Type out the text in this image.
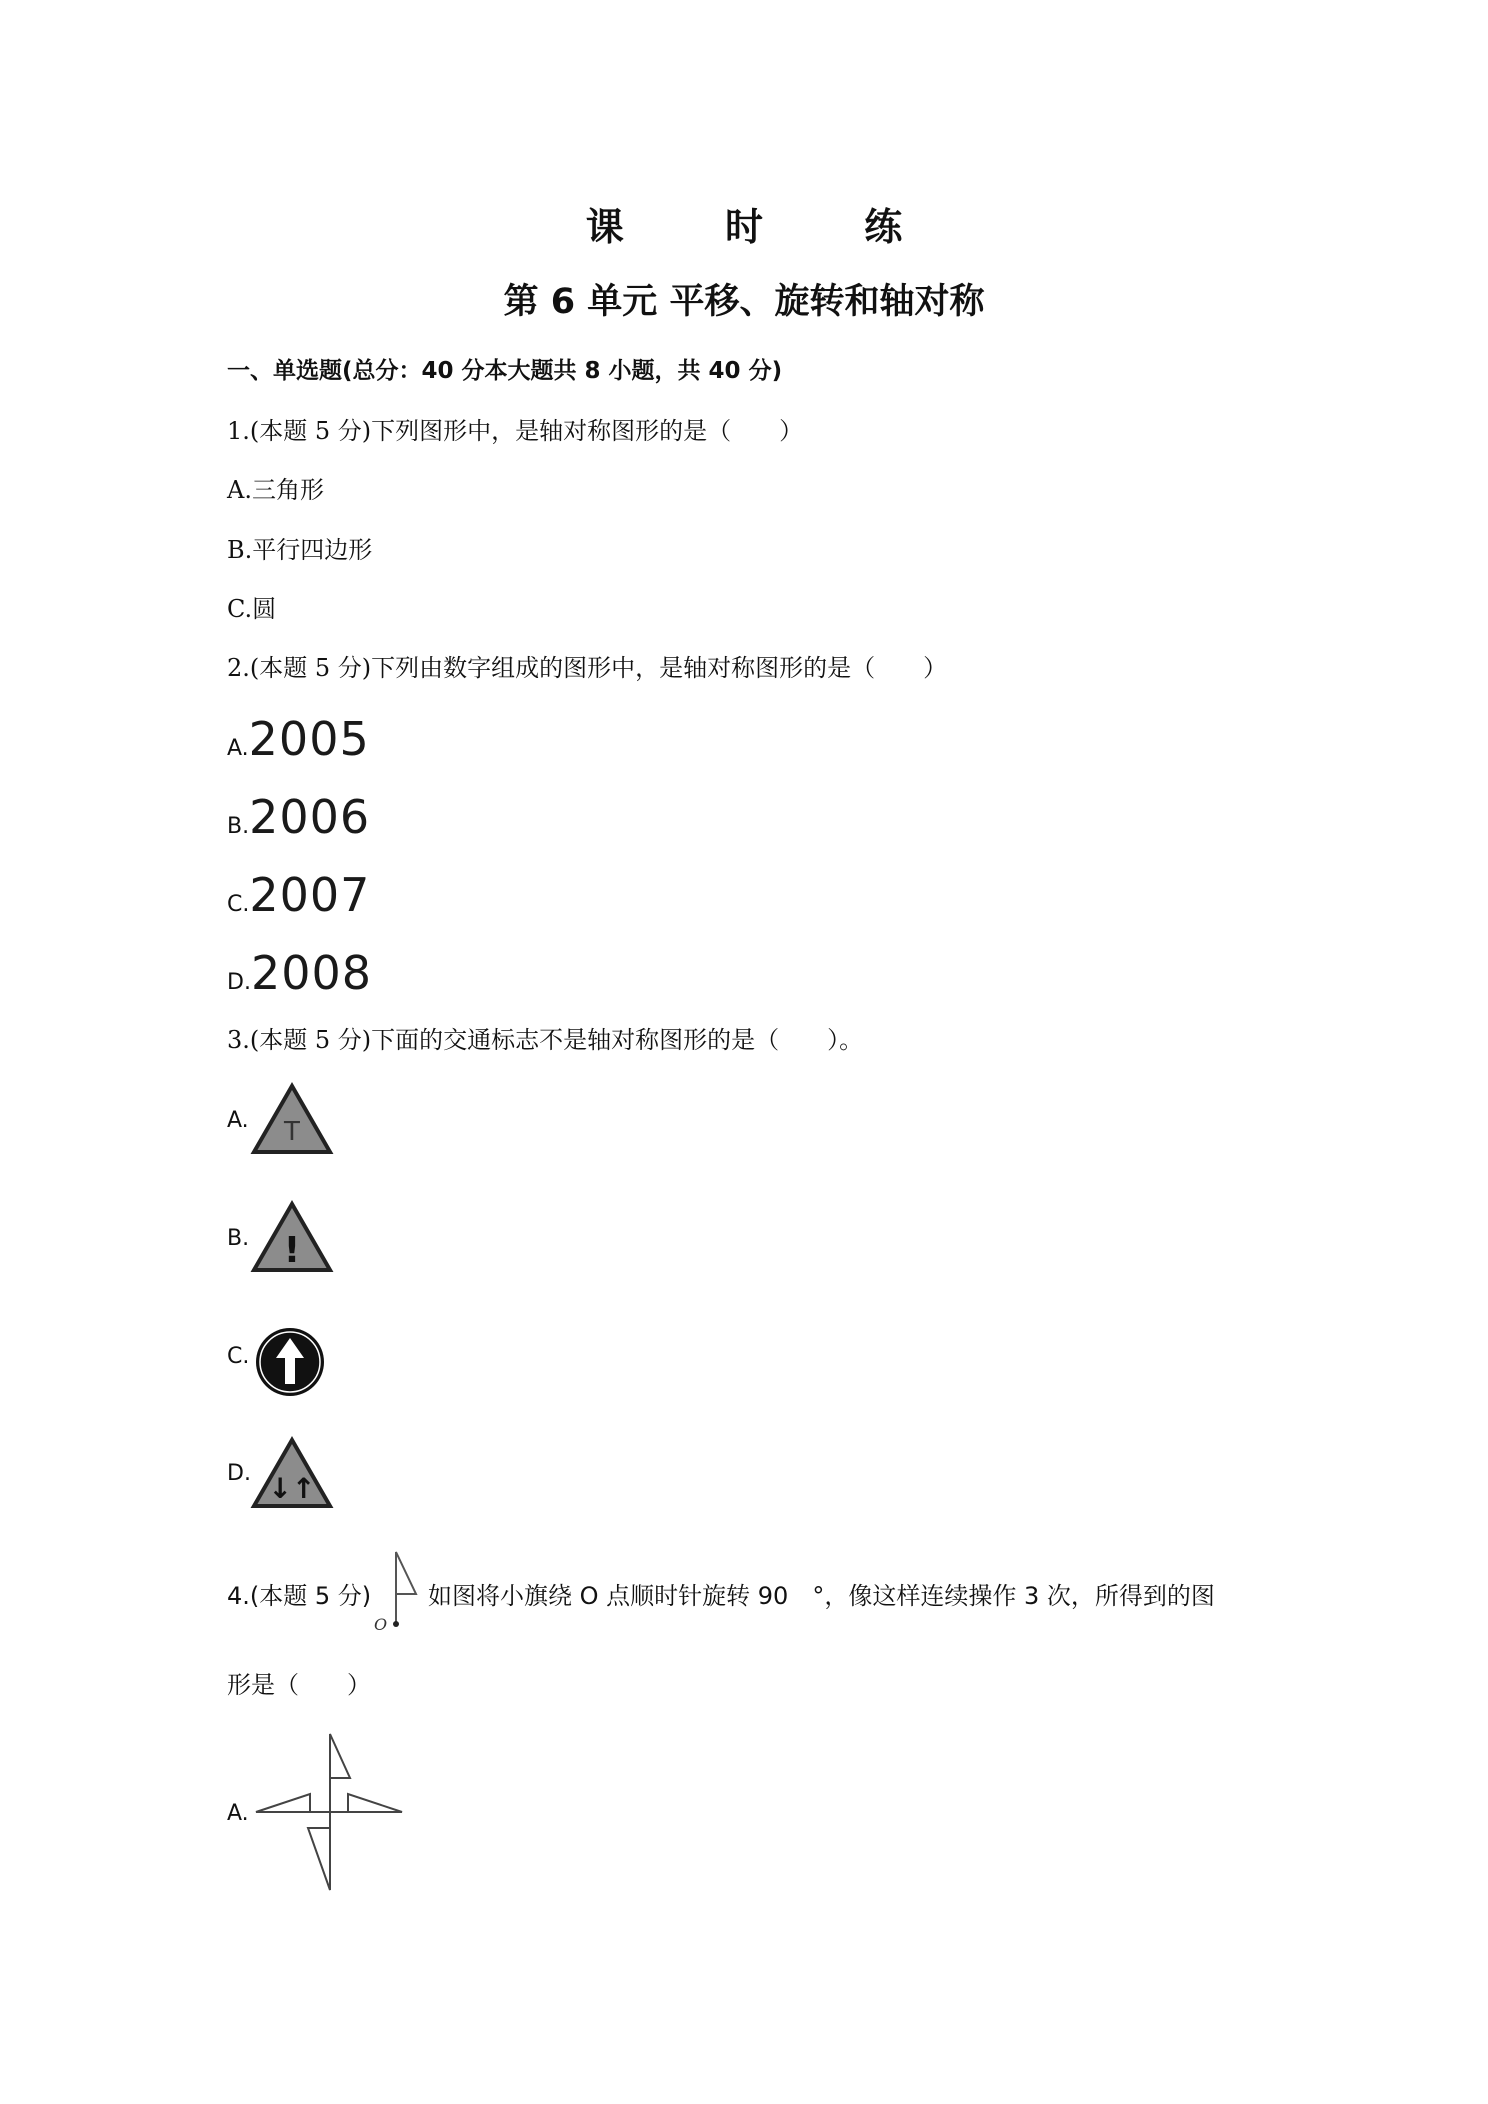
课 时 练
第 6 单元 平移、旋转和轴对称
一、单选题(总分：40 分本大题共 8 小题，共 40 分)
1.(本题 5 分)下列图形中，是轴对称图形的是（　　）
A.三角形
B.平行四边形
C.圆
2.(本题 5 分)下列由数字组成的图形中，是轴对称图形的是（　　）
A.2005
B.2006
C.2007
D.2008
3.(本题 5 分)下面的交通标志不是轴对称图形的是（　　）。
A. T
B. !
C.
D. ↓↑
4.(本题 5 分)
O
如图将小旗绕 O 点顺时针旋转 90　°，像这样连续操作 3 次，所得到的图
形是（　　）
A.
